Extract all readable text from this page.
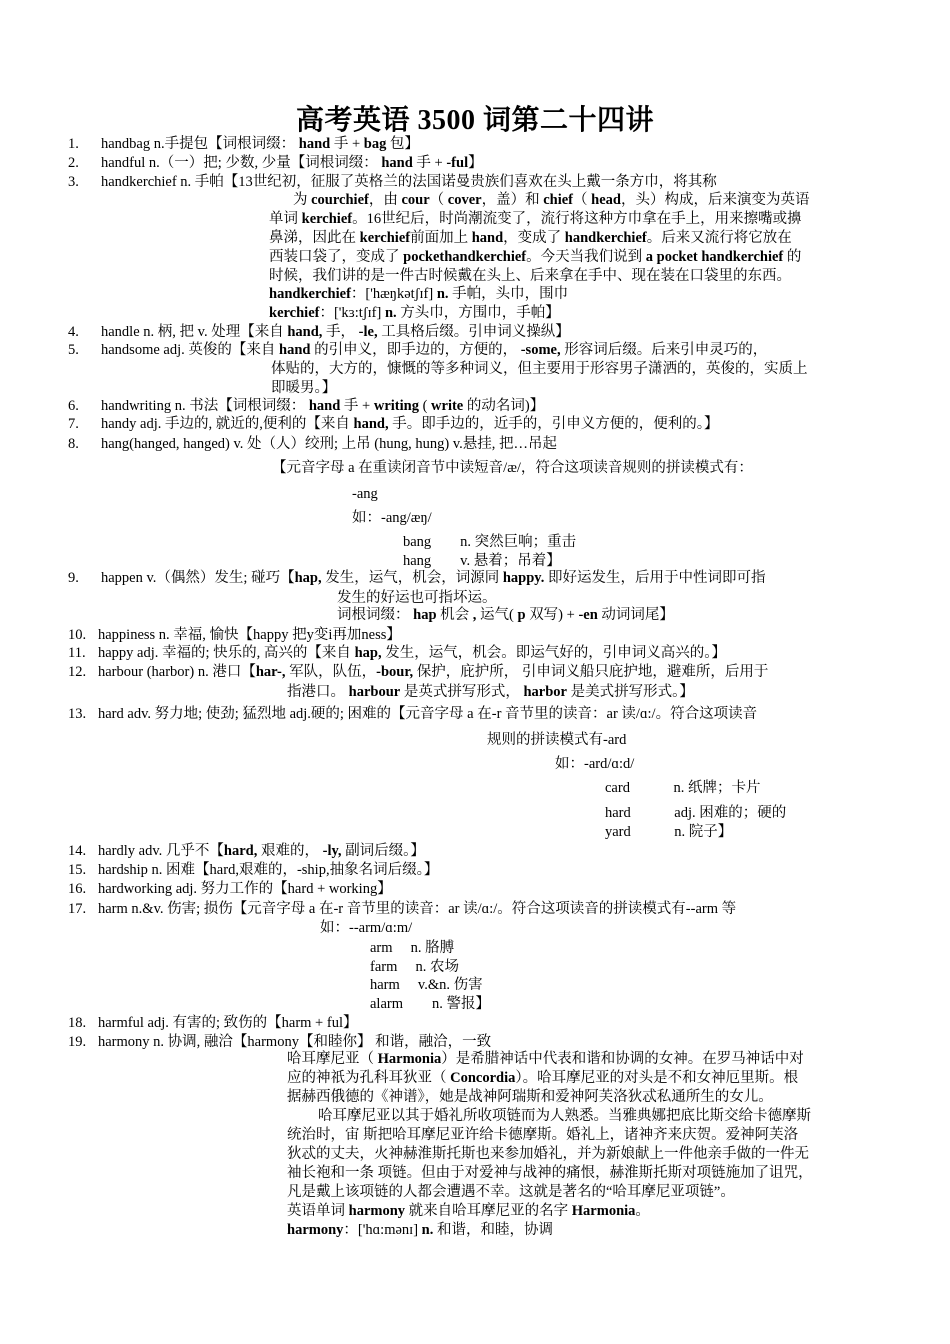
高考英语 3500 词第二十四讲
1. handbag n.手提包【词根词缀： hand 手 + bag 包】
2. handful n.（一）把; 少数, 少量【词根词缀： hand 手 + -ful】
3. handkerchief n. 手帕【13世纪初，征服了英格兰的法国诺曼贵族们喜欢在头上戴一条方巾，将其称
为 courchief，由 cour（ cover，盖）和 chief（ head，头）构成，后来演变为英语
单词 kerchief。16世纪后，时尚潮流变了，流行将这种方巾拿在手上，用来擦嘴或擤
鼻涕，因此在 kerchief前面加上 hand，变成了 handkerchief。后来又流行将它放在
西装口袋了，变成了 pockethandkerchief。今天当我们说到 a pocket handkerchief 的
时候，我们讲的是一件古时候戴在头上、后来拿在手中、现在装在口袋里的东西。
handkerchief：['hæŋkətʃɪf] n. 手帕，头巾，围巾
kerchief：['kɜ:tʃɪf] n. 方头巾，方围巾，手帕】
4. handle n. 柄, 把 v. 处理【来自 hand, 手， -le, 工具格后缀。引申词义操纵】
5. handsome adj. 英俊的【来自 hand 的引申义，即手边的，方便的， -some, 形容词后缀。后来引申灵巧的，
体贴的，大方的，慷慨的等多种词义，但主要用于形容男子潇洒的，英俊的，实质上
即暖男。】
6. handwriting n. 书法【词根词缀： hand 手 + writing ( write 的动名词)】
7. handy adj. 手边的, 就近的,便利的【来自 hand, 手。即手边的，近手的，引申义方便的，便利的。】
8. hang(hanged, hanged) v. 处（人）绞刑; 上吊 (hung, hung) v.悬挂, 把…吊起
【元音字母 a 在重读闭音节中读短音/æ/，符合这项读音规则的拼读模式有：
-ang
如：-ang/æŋ/
bang　　n. 突然巨响；重击
hang　　v. 悬着；吊着】
9. happen v.（偶然）发生; 碰巧【hap, 发生，运气，机会，词源同 happy. 即好运发生，后用于中性词即可指
发生的好运也可指坏运。
词根词缀： hap 机会 , 运气( p 双写) + -en 动词词尾】
10. happiness n. 幸福, 愉快【happy 把y变i再加ness】
11. happy adj. 幸福的; 快乐的, 高兴的【来自 hap, 发生，运气，机会。即运气好的，引申词义高兴的。】
12. harbour (harbor) n. 港口【har-, 军队，队伍，-bour, 保护，庇护所， 引申词义船只庇护地，避难所，后用于
指港口。 harbour 是英式拼写形式， harbor 是美式拼写形式。】
13. hard adv. 努力地; 使劲; 猛烈地 adj.硬的; 困难的【元音字母 a 在-r 音节里的读音：ar 读/ɑ:/。符合这项读音
规则的拼读模式有-ard
如：-ard/ɑ:d/
card　　　n. 纸牌；卡片
hard　　　adj. 困难的；硬的
yard　　　n. 院子】
14. hardly adv. 几乎不【hard, 艰难的， -ly, 副词后缀。】
15. hardship n. 困难【hard,艰难的，-ship,抽象名词后缀。】
16. hardworking adj. 努力工作的【hard + working】
17. harm n.&v. 伤害; 损伤【元音字母 a 在-r 音节里的读音：ar 读/ɑ:/。符合这项读音的拼读模式有--arm 等
如：--arm/ɑ:m/
arm　 n. 胳膊
farm　 n. 农场
harm　 v.&n. 伤害
alarm　　n. 警报】
18. harmful adj. 有害的; 致伤的【harm + ful】
19. harmony n. 协调, 融洽【harmony【和睦你】 和谐，融洽，一致
哈耳摩尼亚（ Harmonia）是希腊神话中代表和谐和协调的女神。在罗马神话中对
应的神祇为孔科耳狄亚（ Concordia）。哈耳摩尼亚的对头是不和女神厄里斯。根
据赫西俄德的《神谱》，她是战神阿瑞斯和爱神阿芙洛狄忒私通所生的女儿。
哈耳摩尼亚以其于婚礼所收项链而为人熟悉。当雅典娜把底比斯交给卡德摩斯
统治时，宙 斯把哈耳摩尼亚许给卡德摩斯。婚礼上，诸神齐来庆贺。爱神阿芙洛
狄忒的丈夫，火神赫淮斯托斯也来参加婚礼，并为新娘献上一件他亲手做的一件无
袖长袍和一条 项链。但由于对爱神与战神的痛恨，赫淮斯托斯对项链施加了诅咒，
凡是戴上该项链的人都会遭遇不幸。这就是著名的“哈耳摩尼亚项链”。
英语单词 harmony 就来自哈耳摩尼亚的名字 Harmonia。
harmony：['hɑ:mənɪ] n. 和谐，和睦，协调
